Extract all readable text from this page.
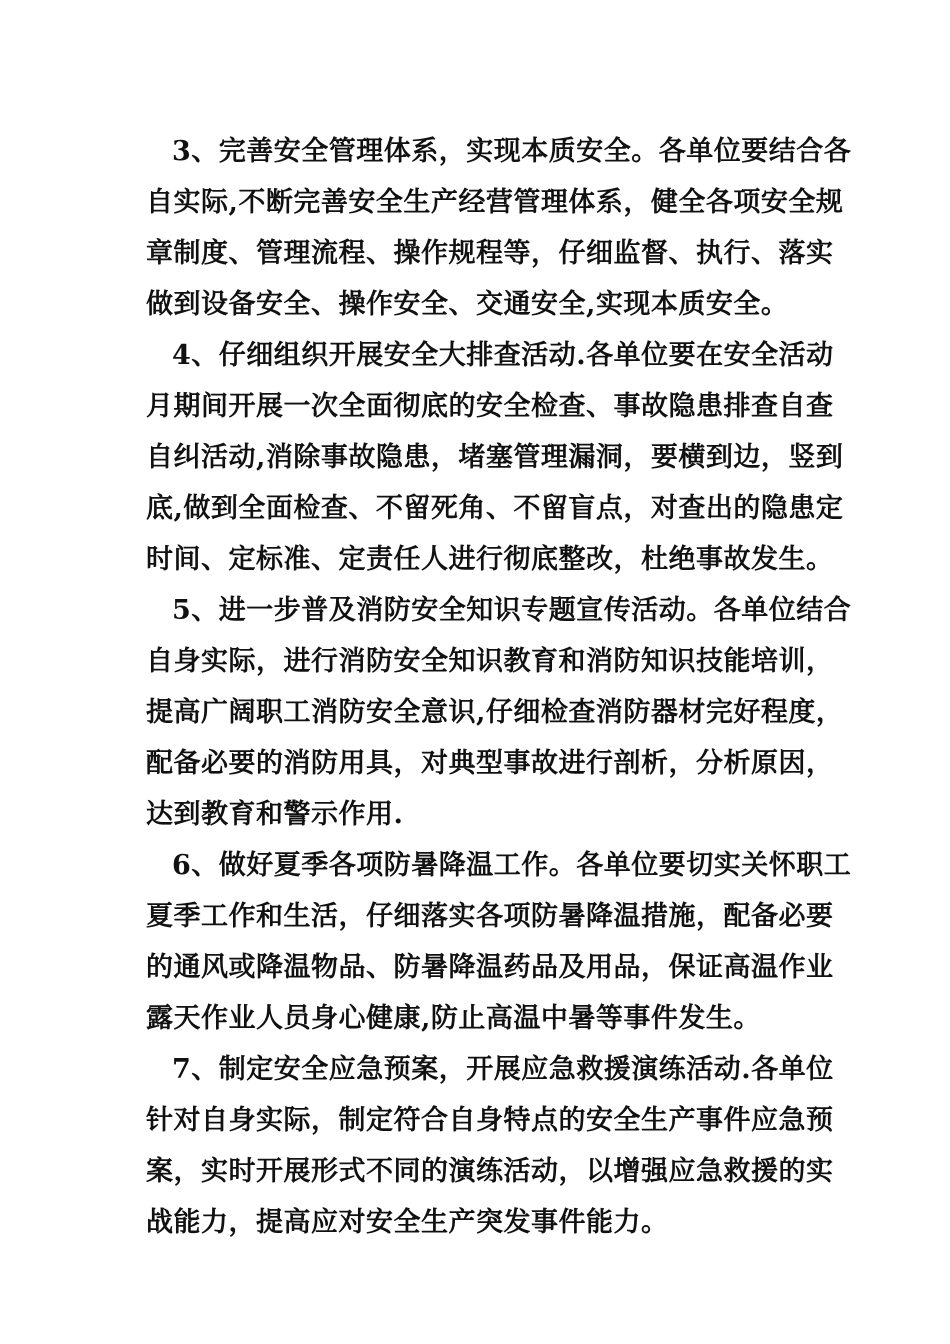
3、完善安全管理体系，实现本质安全。各单位要结合各
自实际,不断完善安全生产经营管理体系，健全各项安全规
章制度、管理流程、操作规程等，仔细监督、执行、落实
做到设备安全、操作安全、交通安全,实现本质安全。
4、仔细组织开展安全大排查活动.各单位要在安全活动
月期间开展一次全面彻底的安全检查、事故隐患排查自查
自纠活动,消除事故隐患，堵塞管理漏洞，要横到边，竖到
底,做到全面检查、不留死角、不留盲点，对查出的隐患定
时间、定标准、定责任人进行彻底整改，杜绝事故发生。
5、进一步普及消防安全知识专题宣传活动。各单位结合
自身实际，进行消防安全知识教育和消防知识技能培训，
提高广阔职工消防安全意识,仔细检查消防器材完好程度，
配备必要的消防用具，对典型事故进行剖析，分析原因，
达到教育和警示作用.
6、做好夏季各项防暑降温工作。各单位要切实关怀职工
夏季工作和生活，仔细落实各项防暑降温措施，配备必要
的通风或降温物品、防暑降温药品及用品，保证高温作业
露天作业人员身心健康,防止高温中暑等事件发生。
7、制定安全应急预案，开展应急救援演练活动.各单位
针对自身实际，制定符合自身特点的安全生产事件应急预
案，实时开展形式不同的演练活动，以增强应急救援的实
战能力，提高应对安全生产突发事件能力。
